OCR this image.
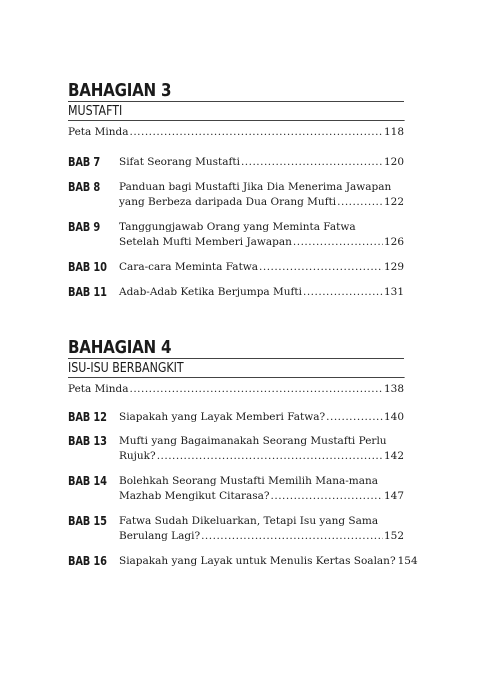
BAHAGIAN 3
MUSTAFTI
Peta Minda .....	118
BAB 7 Sifat Seorang Mustafti .....	120
BAB 8 Panduan bagi Mustafti Jika Dia Menerima Jawapan
yang Berbeza daripada Dua Orang Mufti .....	122
BAB 9 Tanggungjawab Orang yang Meminta Fatwa
Setelah Mufti Memberi Jawapan .....	126
BAB 10 Cara-cara Meminta Fatwa .....	129
BAB 11 Adab-Adab Ketika Berjumpa Mufti .....	131
BAHAGIAN 4
ISU-ISU BERBANGKIT
Peta Minda .....	138
BAB 12 Siapakah yang Layak Memberi Fatwa? .....	140
BAB 13 Mufti yang Bagaimanakah Seorang Mustafti Perlu
Rujuk? .....	142
BAB 14 Bolehkah Seorang Mustafti Memilih Mana-mana
Mazhab Mengikut Citarasa? .....	147
BAB 15 Fatwa Sudah Dikeluarkan, Tetapi Isu yang Sama
Berulang Lagi? .....	152
BAB 16 Siapakah yang Layak untuk Menulis Kertas Soalan? 154
